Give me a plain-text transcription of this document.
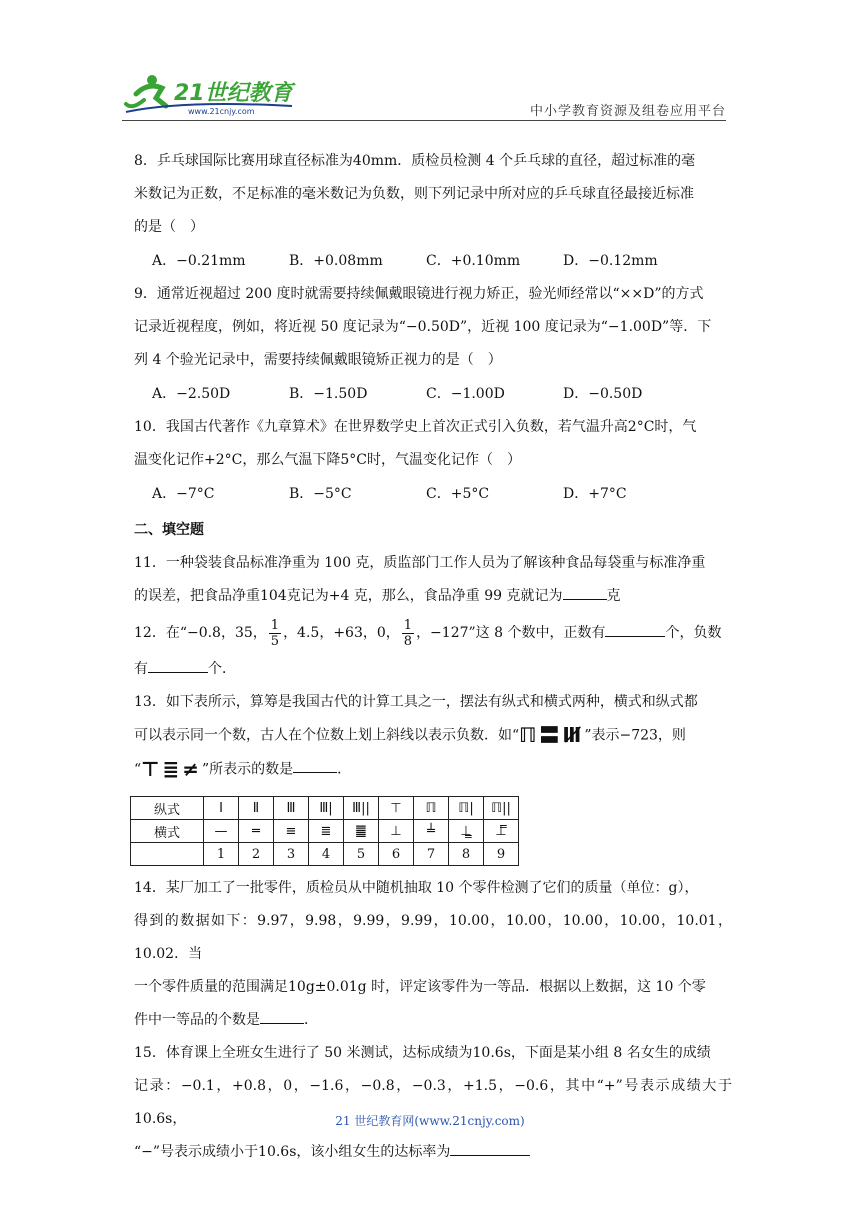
21世纪教育
www.21cnjy.com	中小学教育资源及组卷应用平台

8．乒乓球国际比赛用球直径标准为40mm．质检员检测 4 个乒乓球的直径，超过标准的毫

米数记为正数，不足标准的毫米数记为负数，则下列记录中所对应的乒乓球直径最接近标准

的是（　）

A．−0.21mm	B．+0.08mm	C．+0.10mm	D．−0.12mm

9．通常近视超过 200 度时就需要持续佩戴眼镜进行视力矫正，验光师经常以“××D”的方式

记录近视程度，例如，将近视 50 度记录为“−0.50D”，近视 100 度记录为“−1.00D”等．下

列 4 个验光记录中，需要持续佩戴眼镜矫正视力的是（　）

A．−2.50D	B．−1.50D	C．−1.00D	D．−0.50D

10．我国古代著作《九章算术》在世界数学史上首次正式引入负数，若气温升高2°C时，气

温变化记作+2°C，那么气温下降5°C时，气温变化记作（　）

A．−7°C	B．−5°C	C．+5°C	D．+7°C
二、填空题

11．一种袋装食品标准净重为 100 克，质监部门工作人员为了解该种食品每袋重与标准净重

的误差，把食品净重104克记为+4 克，那么，食品净重 99 克就记为	克

12．在“−0.8，35， $\frac{1}{5}$ ，4.5，+63，0， $\frac{1}{8}$ ，−127”这 8 个数中，正数有	个，负数

有	个．

13．如下表所示，算筹是我国古代的计算工具之一，摆法有纵式和横式两种，横式和纵式都

可以表示同一个数，古人在个位数上划上斜线以表示负数．如“ℿ〓Ⅲ̸”表示−723，则

“⊤≣≠”所表示的数是	．

纵式	Ⅰ	Ⅱ	Ⅲ	Ⅲ|	Ⅲ||	⊤	ℿ	ℿ|	ℿ||
横式	—	═	≡	≣	䷀	⊥	╧	⊥̳	⊥̿
	1	2	3	4	5	6	7	8	9

14．某厂加工了一批零件，质检员从中随机抽取 10 个零件检测了它们的质量（单位：g），

得到的数据如下：9.97，9.98，9.99，9.99，10.00，10.00，10.00，10.00，10.01，10.02．当

一个零件质量的范围满足10g±0.01g 时，评定该零件为一等品．根据以上数据，这 10 个零

件中一等品的个数是	．

15．体育课上全班女生进行了 50 米测试，达标成绩为10.6s，下面是某小组 8 名女生的成绩

记录：−0.1，+0.8，0，−1.6，−0.8，−0.3，+1.5，−0.6，其中“+”号表示成绩大于10.6s，

“−”号表示成绩小于10.6s，该小组女生的达标率为

21 世纪教育网(www.21cnjy.com)
